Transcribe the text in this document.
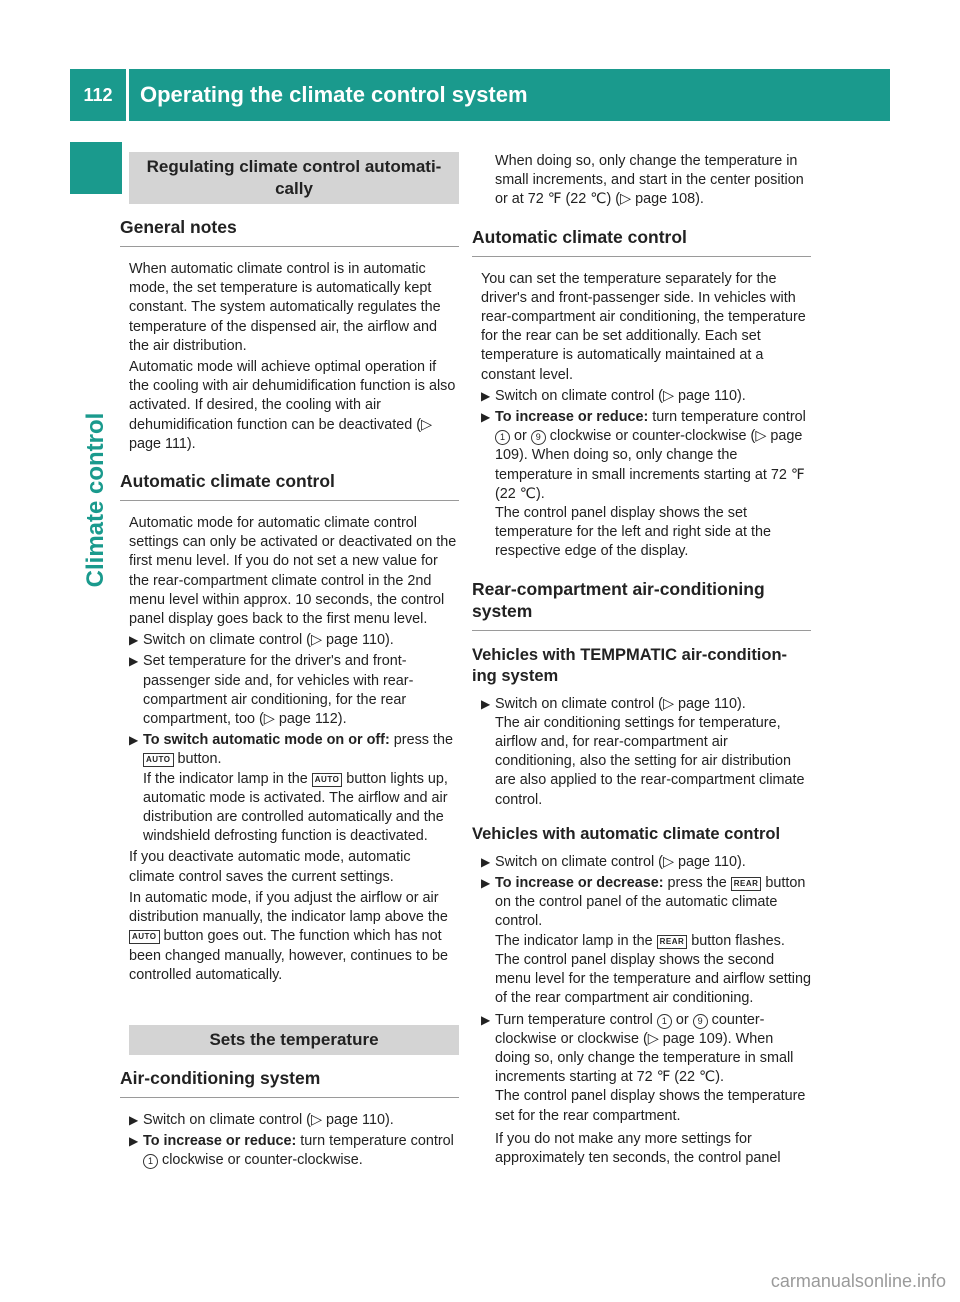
112	Operating the climate control system
Climate control
Regulating climate control automati-cally
General notes

When automatic climate control is in automatic mode, the set temperature is automatically kept constant. The system automatically regulates the temperature of the dispensed air, the airflow and the air distribution.

Automatic mode will achieve optimal operation if the cooling with air dehumidification function is also activated. If desired, the cooling with air dehumidification function can be deactivated (▷ page 111).

Automatic climate control

Automatic mode for automatic climate control settings can only be activated or deactivated on the first menu level. If you do not set a new value for the rear-compartment climate control in the 2nd menu level within approx. 10 seconds, the control panel display goes back to the first menu level.

▶ Switch on climate control (▷ page 110).
▶ Set temperature for the driver's and front-passenger side and, for vehicles with rear-compartment air conditioning, for the rear compartment, too (▷ page 112).
▶ To switch automatic mode on or off: press the AUTO button.
If the indicator lamp in the AUTO button lights up, automatic mode is activated. The airflow and air distribution are controlled automatically and the windshield defrosting function is deactivated.

If you deactivate automatic mode, automatic climate control saves the current settings.

In automatic mode, if you adjust the airflow or air distribution manually, the indicator lamp above the AUTO button goes out. The function which has not been changed manually, however, continues to be controlled automatically.

Sets the temperature
Air-conditioning system
▶ Switch on climate control (▷ page 110).
▶ To increase or reduce: turn temperature control 1 clockwise or counter-clockwise.

When doing so, only change the temperature in small increments, and start in the center position or at 72 ℉ (22 ℃) (▷ page 108).

Automatic climate control

You can set the temperature separately for the driver's and front-passenger side. In vehicles with rear-compartment air conditioning, the temperature for the rear can be set additionally. Each set temperature is automatically maintained at a constant level.

▶ Switch on climate control (▷ page 110).
▶ To increase or reduce: turn temperature control 1 or 9 clockwise or counter-clockwise (▷ page 109). When doing so, only change the temperature in small increments starting at 72 ℉ (22 ℃).
The control panel display shows the set temperature for the left and right side at the respective edge of the display.
Rear-compartment air-conditioning system
Vehicles with TEMPMATIC air-condition-ing system
▶ Switch on climate control (▷ page 110).
The air conditioning settings for temperature, airflow and, for rear-compartment air conditioning, also the setting for air distribution are also applied to the rear-compartment climate control.
Vehicles with automatic climate control
▶ Switch on climate control (▷ page 110).
▶ To increase or decrease: press the REAR button on the control panel of the automatic climate control.
The indicator lamp in the REAR button flashes. The control panel display shows the second menu level for the temperature and airflow setting of the rear compartment air conditioning.
▶ Turn temperature control 1 or 9 counter-clockwise or clockwise (▷ page 109). When doing so, only change the temperature in small increments starting at 72 ℉ (22 ℃).
The control panel display shows the temperature set for the rear compartment.
If you do not make any more settings for approximately ten seconds, the control panel
carmanualsonline.info
